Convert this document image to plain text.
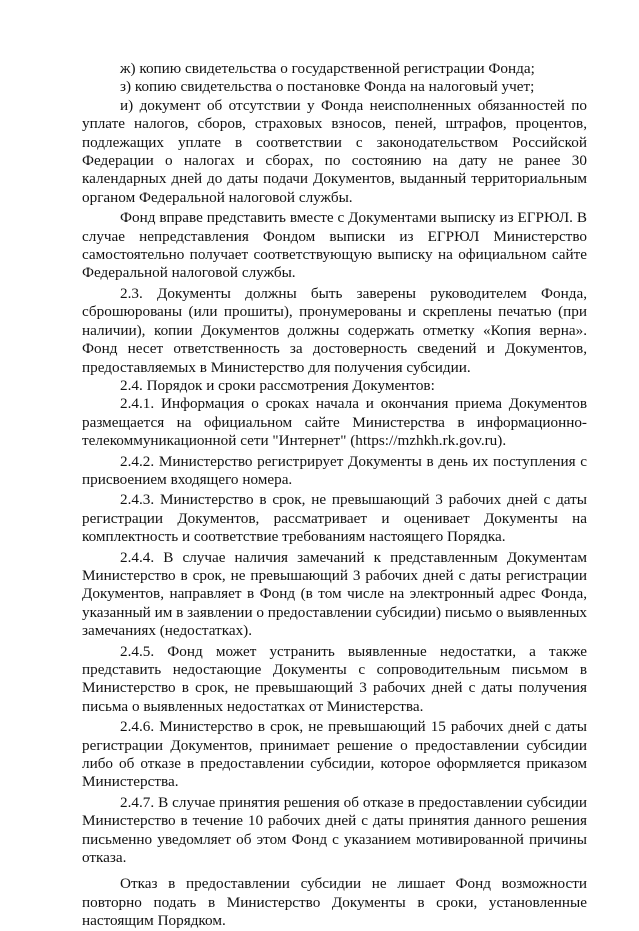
ж) копию свидетельства о государственной регистрации Фонда;

з) копию свидетельства о постановке Фонда на налоговый учет;

и) документ об отсутствии у Фонда неисполненных обязанностей по уплате налогов, сборов, страховых взносов, пеней, штрафов, процентов, подлежащих уплате в соответствии с законодательством Российской Федерации о налогах и сборах, по состоянию на дату не ранее 30 календарных дней до даты подачи Документов, выданный территориальным органом Федеральной налоговой службы.

Фонд вправе представить вместе с Документами выписку из ЕГРЮЛ. В случае непредставления Фондом выписки из ЕГРЮЛ Министерство самостоятельно получает соответствующую выписку на официальном сайте Федеральной налоговой службы.

2.3. Документы должны быть заверены руководителем Фонда, сброшюрованы (или прошиты), пронумерованы и скреплены печатью (при наличии), копии Документов должны содержать отметку «Копия верна». Фонд несет ответственность за достоверность сведений и Документов, предоставляемых в Министерство для получения субсидии.

2.4. Порядок и сроки рассмотрения Документов:

2.4.1. Информация о сроках начала и окончания приема Документов размещается на официальном сайте Министерства в информационно-телекоммуникационной сети "Интернет" (https://mzhkh.rk.gov.ru).

2.4.2. Министерство регистрирует Документы в день их поступления с присвоением входящего номера.

2.4.3. Министерство в срок, не превышающий 3 рабочих дней с даты регистрации Документов, рассматривает и оценивает Документы на комплектность и соответствие требованиям настоящего Порядка.

2.4.4. В случае наличия замечаний к представленным Документам Министерство в срок, не превышающий 3 рабочих дней с даты регистрации Документов, направляет в Фонд (в том числе на электронный адрес Фонда, указанный им в заявлении о предоставлении субсидии) письмо о выявленных замечаниях (недостатках).

2.4.5. Фонд может устранить выявленные недостатки, а также представить недостающие Документы с сопроводительным письмом в Министерство в срок, не превышающий 3 рабочих дней с даты получения письма о выявленных недостатках от Министерства.

2.4.6. Министерство в срок, не превышающий 15 рабочих дней с даты регистрации Документов, принимает решение о предоставлении субсидии либо об отказе в предоставлении субсидии, которое оформляется приказом Министерства.

2.4.7. В случае принятия решения об отказе в предоставлении субсидии Министерство в течение 10 рабочих дней с даты принятия данного решения письменно уведомляет об этом Фонд с указанием мотивированной причины отказа.

Отказ в предоставлении субсидии не лишает Фонд возможности повторно подать в Министерство Документы в сроки, установленные настоящим Порядком.
